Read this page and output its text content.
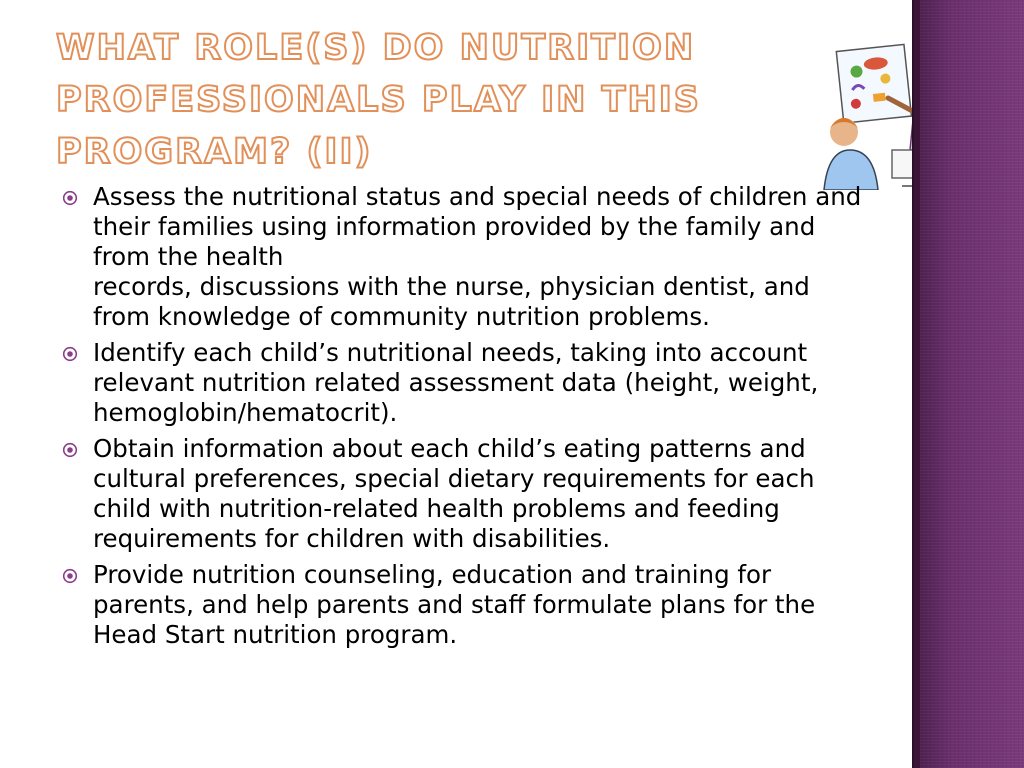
WHAT ROLE(S) DO NUTRITION PROFESSIONALS PLAY IN THIS PROGRAM? (II)
Assess the nutritional status and special needs of children and their families using information provided by the family and from the health
records, discussions with the nurse, physician dentist, and from knowledge of community nutrition problems.
Identify each child’s nutritional needs, taking into account relevant nutrition related assessment data (height, weight, hemoglobin/hematocrit).
Obtain information about each child’s eating patterns and cultural preferences, special dietary requirements for each child with nutrition-related health problems and feeding requirements for children with disabilities.
Provide nutrition counseling, education and training for parents, and help parents and staff formulate plans for the Head Start nutrition program.
